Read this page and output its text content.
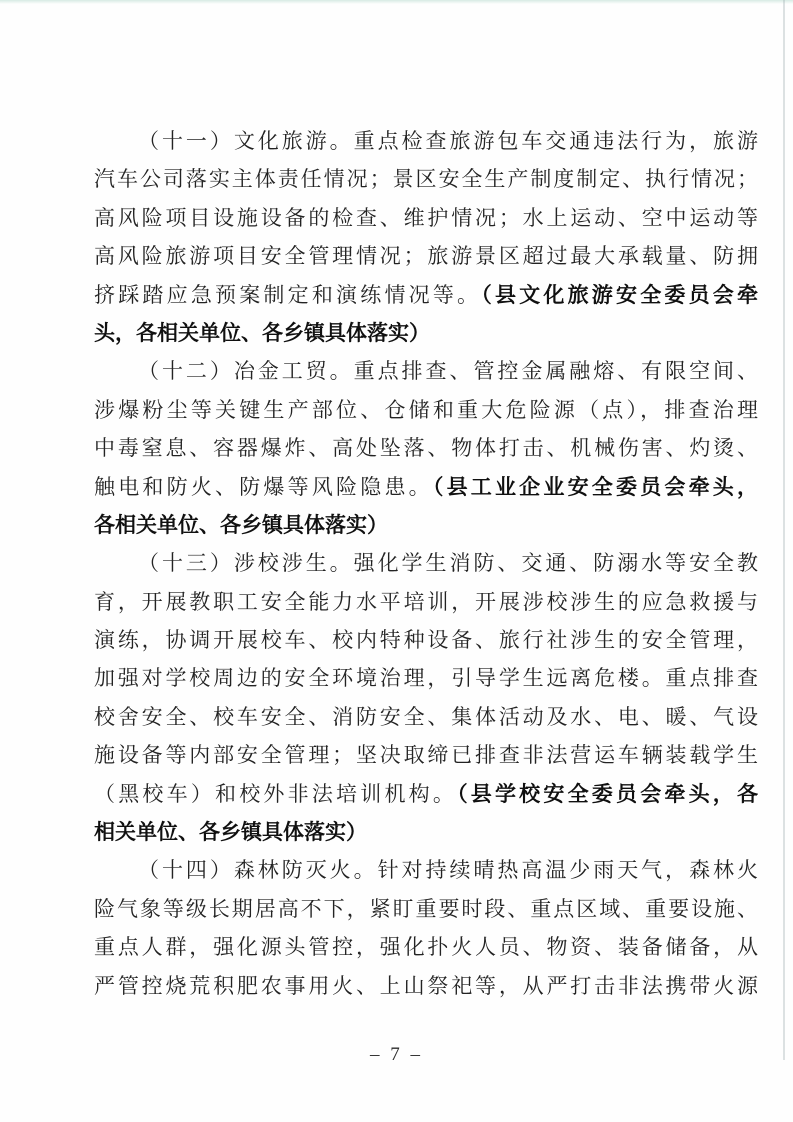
（十一）文化旅游。重点检查旅游包车交通违法行为，旅游
汽车公司落实主体责任情况；景区安全生产制度制定、执行情况；
高风险项目设施设备的检查、维护情况；水上运动、空中运动等
高风险旅游项目安全管理情况；旅游景区超过最大承载量、防拥
挤踩踏应急预案制定和演练情况等。（县文化旅游安全委员会牵
头，各相关单位、各乡镇具体落实）
（十二）冶金工贸。重点排查、管控金属融熔、有限空间、
涉爆粉尘等关键生产部位、仓储和重大危险源（点），排查治理
中毒窒息、容器爆炸、高处坠落、物体打击、机械伤害、灼烫、
触电和防火、防爆等风险隐患。（县工业企业安全委员会牵头，
各相关单位、各乡镇具体落实）
（十三）涉校涉生。强化学生消防、交通、防溺水等安全教
育，开展教职工安全能力水平培训，开展涉校涉生的应急救援与
演练，协调开展校车、校内特种设备、旅行社涉生的安全管理，
加强对学校周边的安全环境治理，引导学生远离危楼。重点排查
校舍安全、校车安全、消防安全、集体活动及水、电、暖、气设
施设备等内部安全管理；坚决取缔已排查非法营运车辆装载学生
（黑校车）和校外非法培训机构。（县学校安全委员会牵头，各
相关单位、各乡镇具体落实）
（十四）森林防灭火。针对持续晴热高温少雨天气，森林火
险气象等级长期居高不下，紧盯重要时段、重点区域、重要设施、
重点人群，强化源头管控，强化扑火人员、物资、装备储备，从
严管控烧荒积肥农事用火、上山祭祀等，从严打击非法携带火源
– 7 –
